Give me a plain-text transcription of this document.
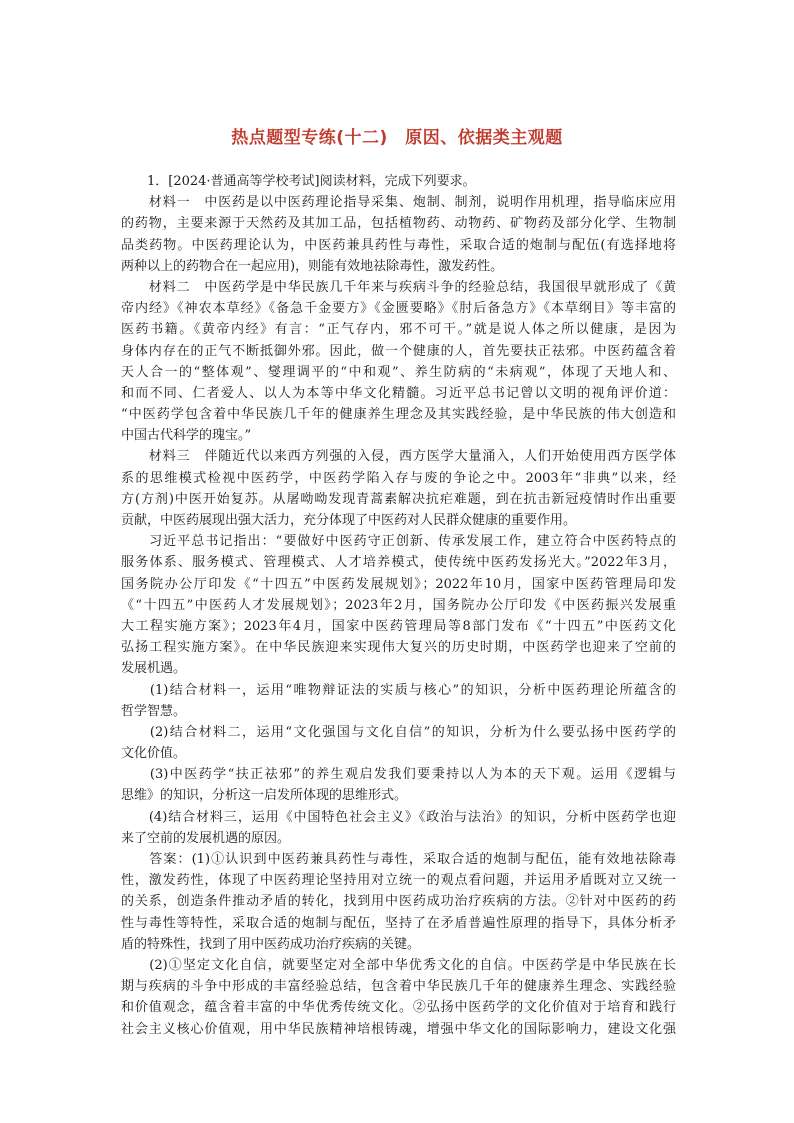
热点题型专练(十二)　原因、依据类主观题
　　1．[2024·普通高等学校考试]阅读材料，完成下列要求。
　　材料一　中医药是以中医药理论指导采集、炮制、制剂，说明作用机理，指导临床应用
的药物，主要来源于天然药及其加工品，包括植物药、动物药、矿物药及部分化学、生物制
品类药物。中医药理论认为，中医药兼具药性与毒性，采取合适的炮制与配伍(有选择地将
两种以上的药物合在一起应用)，则能有效地祛除毒性，激发药性。
　　材料二　中医药学是中华民族几千年来与疾病斗争的经验总结，我国很早就形成了《黄
帝内经》《神农本草经》《备急千金要方》《金匮要略》《肘后备急方》《本草纲目》等丰富的
医药书籍。《黄帝内经》有言：“正气存内，邪不可干。”就是说人体之所以健康，是因为
身体内存在的正气不断抵御外邪。因此，做一个健康的人，首先要扶正祛邪。中医药蕴含着
天人合一的“整体观”、燮理调平的“中和观”、养生防病的“未病观”，体现了天地人和、
和而不同、仁者爱人、以人为本等中华文化精髓。习近平总书记曾以文明的视角评价道：
“中医药学包含着中华民族几千年的健康养生理念及其实践经验，是中华民族的伟大创造和
中国古代科学的瑰宝。”
　　材料三　伴随近代以来西方列强的入侵，西方医学大量涌入，人们开始使用西方医学体
系的思维模式检视中医药学，中医药学陷入存与废的争论之中。2003年“非典”以来，经
方(方剂)中医开始复苏。从屠呦呦发现青蒿素解决抗疟难题，到在抗击新冠疫情时作出重要
贡献，中医药展现出强大活力，充分体现了中医药对人民群众健康的重要作用。
　　习近平总书记指出：“要做好中医药守正创新、传承发展工作，建立符合中医药特点的
服务体系、服务模式、管理模式、人才培养模式，使传统中医药发扬光大。”2022年3月，
国务院办公厅印发《“十四五”中医药发展规划》；2022年10月，国家中医药管理局印发
《“十四五”中医药人才发展规划》；2023年2月，国务院办公厅印发《中医药振兴发展重
大工程实施方案》；2023年4月，国家中医药管理局等8部门发布《“十四五”中医药文化
弘扬工程实施方案》。在中华民族迎来实现伟大复兴的历史时期，中医药学也迎来了空前的
发展机遇。
　　(1)结合材料一，运用“唯物辩证法的实质与核心”的知识，分析中医药理论所蕴含的
哲学智慧。
　　(2)结合材料二，运用“文化强国与文化自信”的知识，分析为什么要弘扬中医药学的
文化价值。
　　(3)中医药学“扶正祛邪”的养生观启发我们要秉持以人为本的天下观。运用《逻辑与
思维》的知识，分析这一启发所体现的思维形式。
　　(4)结合材料三，运用《中国特色社会主义》《政治与法治》的知识，分析中医药学也迎
来了空前的发展机遇的原因。
　　答案：(1)①认识到中医药兼具药性与毒性，采取合适的炮制与配伍，能有效地祛除毒
性，激发药性，体现了中医药理论坚持用对立统一的观点看问题，并运用矛盾既对立又统一
的关系，创造条件推动矛盾的转化，找到用中医药成功治疗疾病的方法。②针对中医药的药
性与毒性等特性，采取合适的炮制与配伍，坚持了在矛盾普遍性原理的指导下，具体分析矛
盾的特殊性，找到了用中医药成功治疗疾病的关键。
　　(2)①坚定文化自信，就要坚定对全部中华优秀文化的自信。中医药学是中华民族在长
期与疾病的斗争中形成的丰富经验总结，包含着中华民族几千年的健康养生理念、实践经验
和价值观念，蕴含着丰富的中华优秀传统文化。②弘扬中医药学的文化价值对于培育和践行
社会主义核心价值观，用中华民族精神培根铸魂，增强中华文化的国际影响力，建设文化强
